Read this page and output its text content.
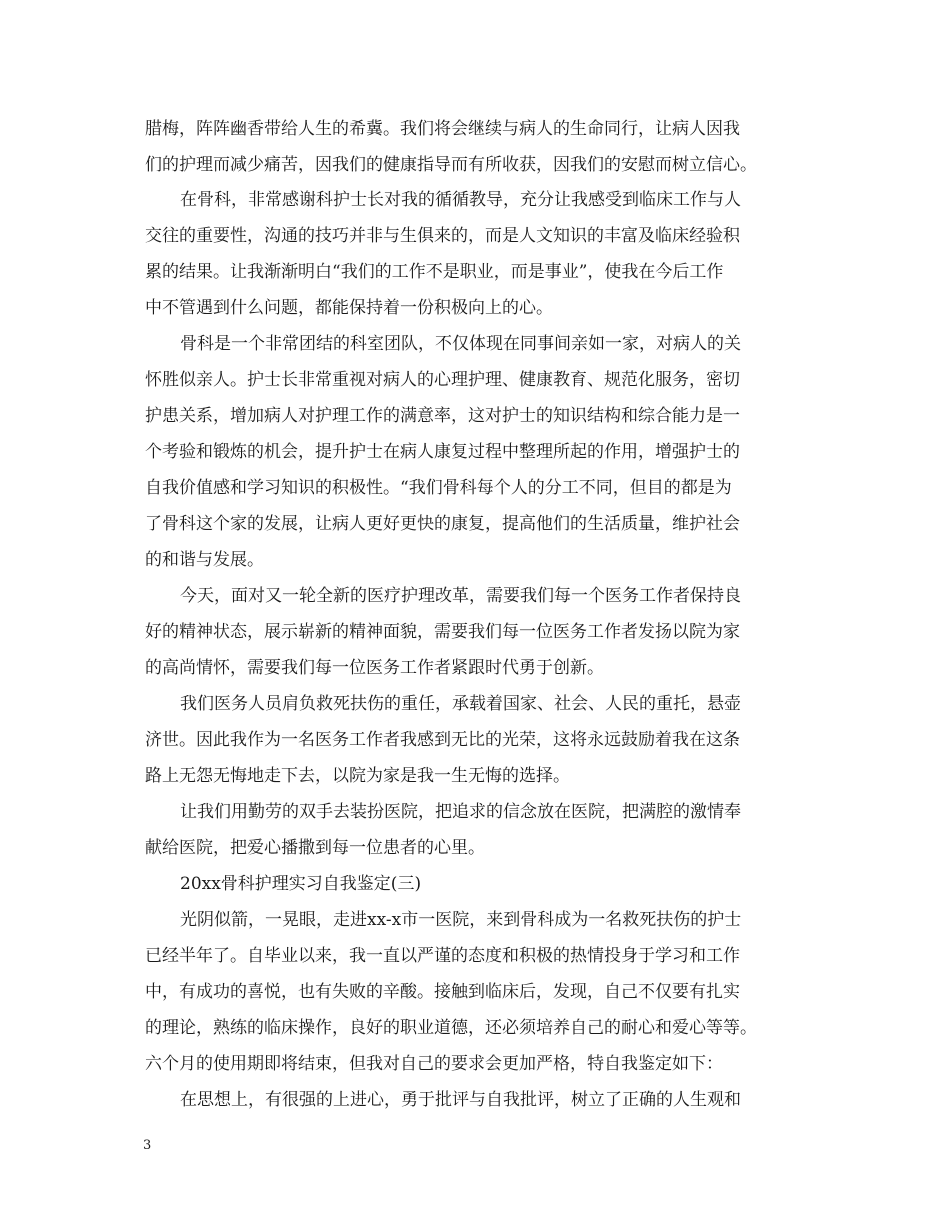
腊梅，阵阵幽香带给人生的希冀。我们将会继续与病人的生命同行，让病人因我
们的护理而减少痛苦，因我们的健康指导而有所收获，因我们的安慰而树立信心。
在骨科，非常感谢科护士长对我的循循教导，充分让我感受到临床工作与人
交往的重要性，沟通的技巧并非与生俱来的，而是人文知识的丰富及临床经验积
累的结果。让我渐渐明白“我们的工作不是职业，而是事业”，使我在今后工作
中不管遇到什么问题，都能保持着一份积极向上的心。
骨科是一个非常团结的科室团队，不仅体现在同事间亲如一家，对病人的关
怀胜似亲人。护士长非常重视对病人的心理护理、健康教育、规范化服务，密切
护患关系，增加病人对护理工作的满意率，这对护士的知识结构和综合能力是一
个考验和锻炼的机会，提升护士在病人康复过程中整理所起的作用，增强护士的
自我价值感和学习知识的积极性。“我们骨科每个人的分工不同，但目的都是为
了骨科这个家的发展，让病人更好更快的康复，提高他们的生活质量，维护社会
的和谐与发展。
今天，面对又一轮全新的医疗护理改革，需要我们每一个医务工作者保持良
好的精神状态，展示崭新的精神面貌，需要我们每一位医务工作者发扬以院为家
的高尚情怀，需要我们每一位医务工作者紧跟时代勇于创新。
我们医务人员肩负救死扶伤的重任，承载着国家、社会、人民的重托，悬壶
济世。因此我作为一名医务工作者我感到无比的光荣，这将永远鼓励着我在这条
路上无怨无悔地走下去，以院为家是我一生无悔的选择。
让我们用勤劳的双手去装扮医院，把追求的信念放在医院，把满腔的激情奉
献给医院，把爱心播撒到每一位患者的心里。
20xx骨科护理实习自我鉴定(三)
光阴似箭，一晃眼，走进xx-x市一医院，来到骨科成为一名救死扶伤的护士
已经半年了。自毕业以来，我一直以严谨的态度和积极的热情投身于学习和工作
中，有成功的喜悦，也有失败的辛酸。接触到临床后，发现，自己不仅要有扎实
的理论，熟练的临床操作，良好的职业道德，还必须培养自己的耐心和爱心等等。
六个月的使用期即将结束，但我对自己的要求会更加严格，特自我鉴定如下：
在思想上，有很强的上进心，勇于批评与自我批评，树立了正确的人生观和
3
